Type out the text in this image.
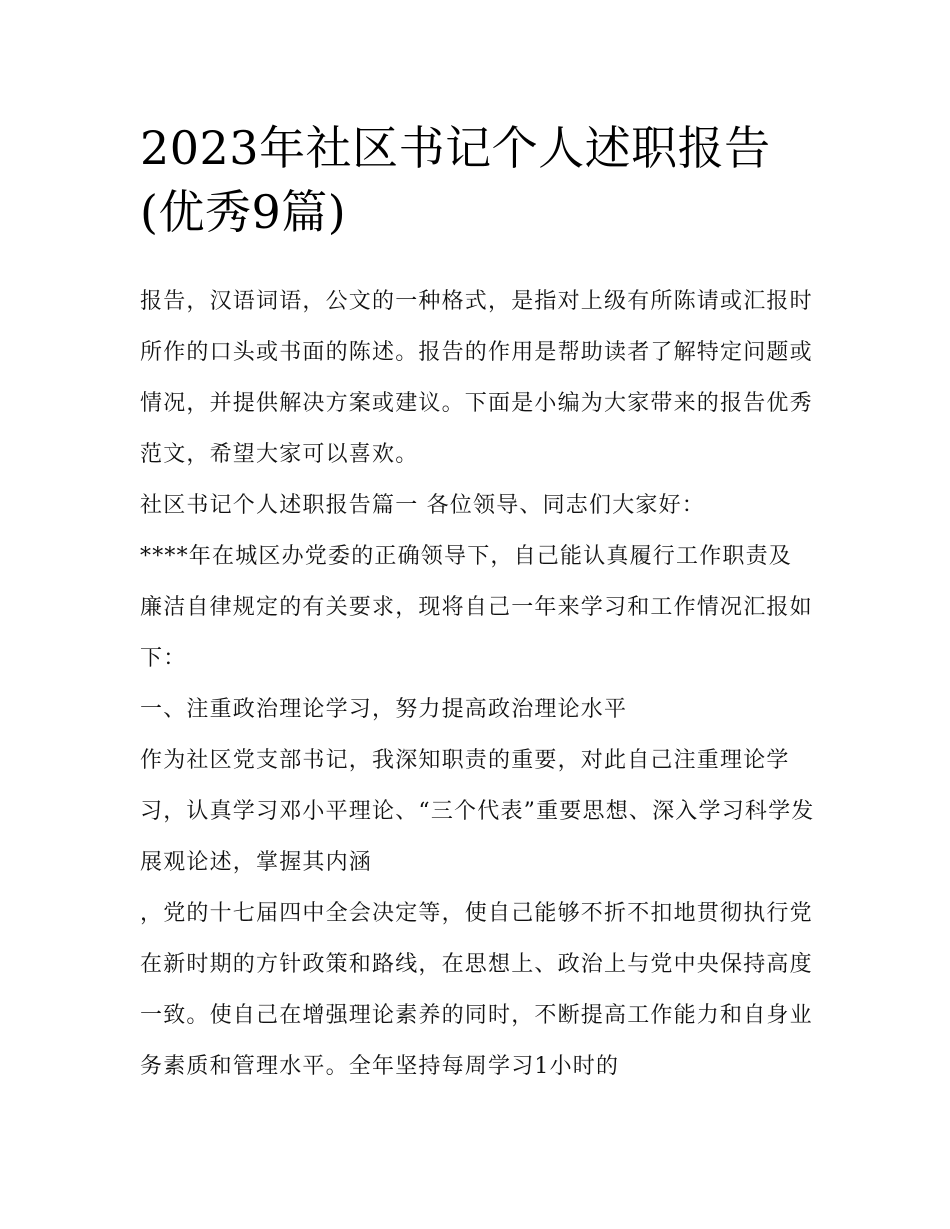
2023年社区书记个人述职报告(优秀9篇)

报告，汉语词语，公文的一种格式，是指对上级有所陈请或汇报时所作的口头或书面的陈述。报告的作用是帮助读者了解特定问题或情况，并提供解决方案或建议。下面是小编为大家带来的报告优秀范文，希望大家可以喜欢。

社区书记个人述职报告篇一 各位领导、同志们大家好：

****年在城区办党委的正确领导下，自己能认真履行工作职责及廉洁自律规定的有关要求，现将自己一年来学习和工作情况汇报如下：

一、注重政治理论学习，努力提高政治理论水平

作为社区党支部书记，我深知职责的重要，对此自己注重理论学习，认真学习邓小平理论、“三个代表”重要思想、深入学习科学发展观论述，掌握其内涵

，党的十七届四中全会决定等，使自己能够不折不扣地贯彻执行党在新时期的方针政策和路线，在思想上、政治上与党中央保持高度一致。使自己在增强理论素养的同时，不断提高工作能力和自身业务素质和管理水平。全年坚持每周学习1小时的
